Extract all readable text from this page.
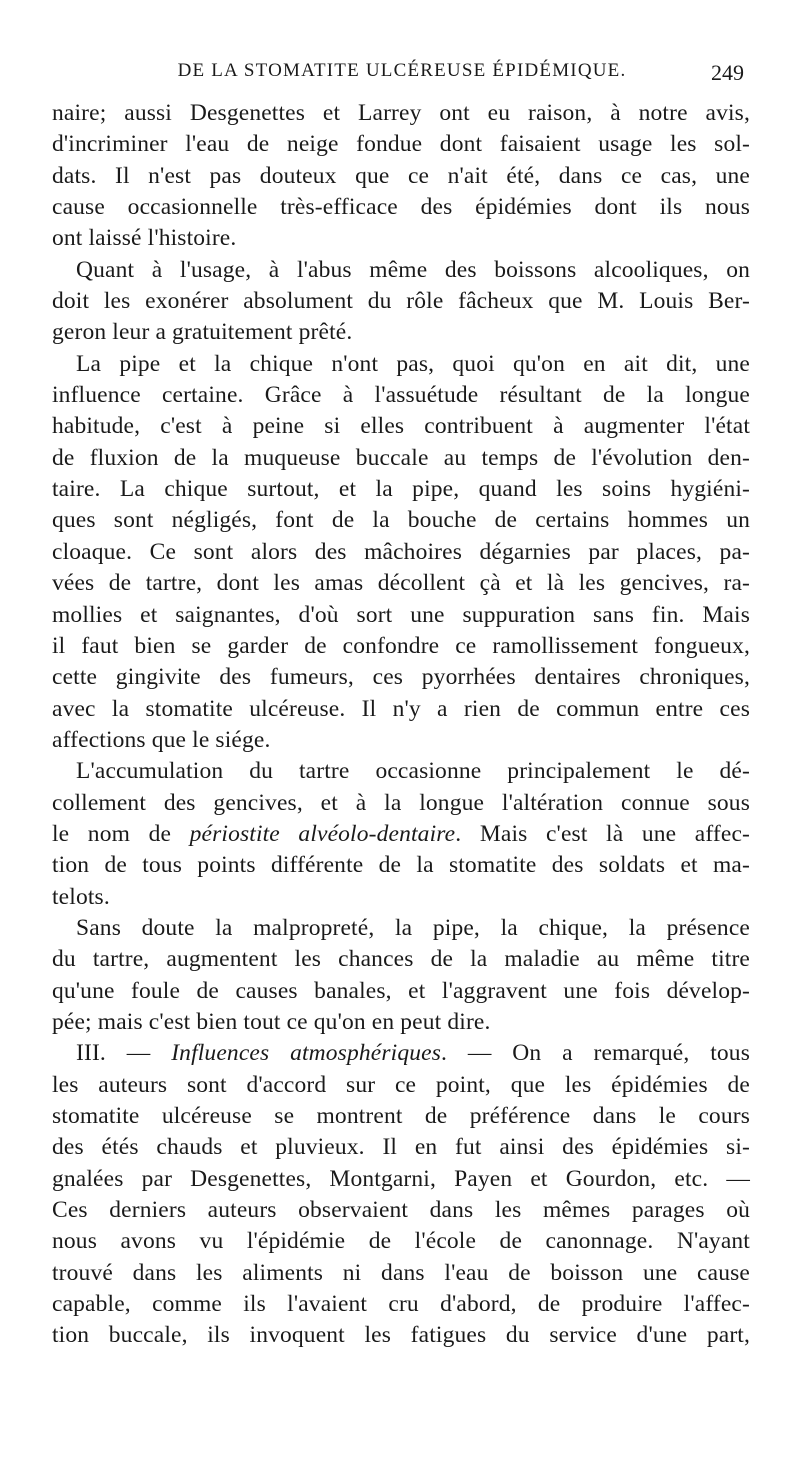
DE LA STOMATITE ULCÉREUSE ÉPIDÉMIQUE.	249
naire; aussi Desgenettes et Larrey ont eu raison, à notre avis,
d'incriminer l'eau de neige fondue dont faisaient usage les sol-
dats. Il n'est pas douteux que ce n'ait été, dans ce cas, une
cause occasionnelle très-efficace des épidémies dont ils nous
ont laissé l'histoire.
Quant à l'usage, à l'abus même des boissons alcooliques, on
doit les exonérer absolument du rôle fâcheux que M. Louis Ber-
geron leur a gratuitement prêté.
La pipe et la chique n'ont pas, quoi qu'on en ait dit, une
influence certaine. Grâce à l'assuétude résultant de la longue
habitude, c'est à peine si elles contribuent à augmenter l'état
de fluxion de la muqueuse buccale au temps de l'évolution den-
taire. La chique surtout, et la pipe, quand les soins hygiéni-
ques sont négligés, font de la bouche de certains hommes un
cloaque. Ce sont alors des mâchoires dégarnies par places, pa-
vées de tartre, dont les amas décollent çà et là les gencives, ra-
mollies et saignantes, d'où sort une suppuration sans fin. Mais
il faut bien se garder de confondre ce ramollissement fongueux,
cette gingivite des fumeurs, ces pyorrhées dentaires chroniques,
avec la stomatite ulcéreuse. Il n'y a rien de commun entre ces
affections que le siége.
L'accumulation du tartre occasionne principalement le dé-
collement des gencives, et à la longue l'altération connue sous
le nom de périostite alvéolo-dentaire. Mais c'est là une affec-
tion de tous points différente de la stomatite des soldats et ma-
telots.
Sans doute la malpropreté, la pipe, la chique, la présence
du tartre, augmentent les chances de la maladie au même titre
qu'une foule de causes banales, et l'aggravent une fois dévelop-
pée; mais c'est bien tout ce qu'on en peut dire.
III. — Influences atmosphériques. — On a remarqué, tous
les auteurs sont d'accord sur ce point, que les épidémies de
stomatite ulcéreuse se montrent de préférence dans le cours
des étés chauds et pluvieux. Il en fut ainsi des épidémies si-
gnalées par Desgenettes, Montgarni, Payen et Gourdon, etc. —
Ces derniers auteurs observaient dans les mêmes parages où
nous avons vu l'épidémie de l'école de canonnage. N'ayant
trouvé dans les aliments ni dans l'eau de boisson une cause
capable, comme ils l'avaient cru d'abord, de produire l'affec-
tion buccale, ils invoquent les fatigues du service d'une part,
